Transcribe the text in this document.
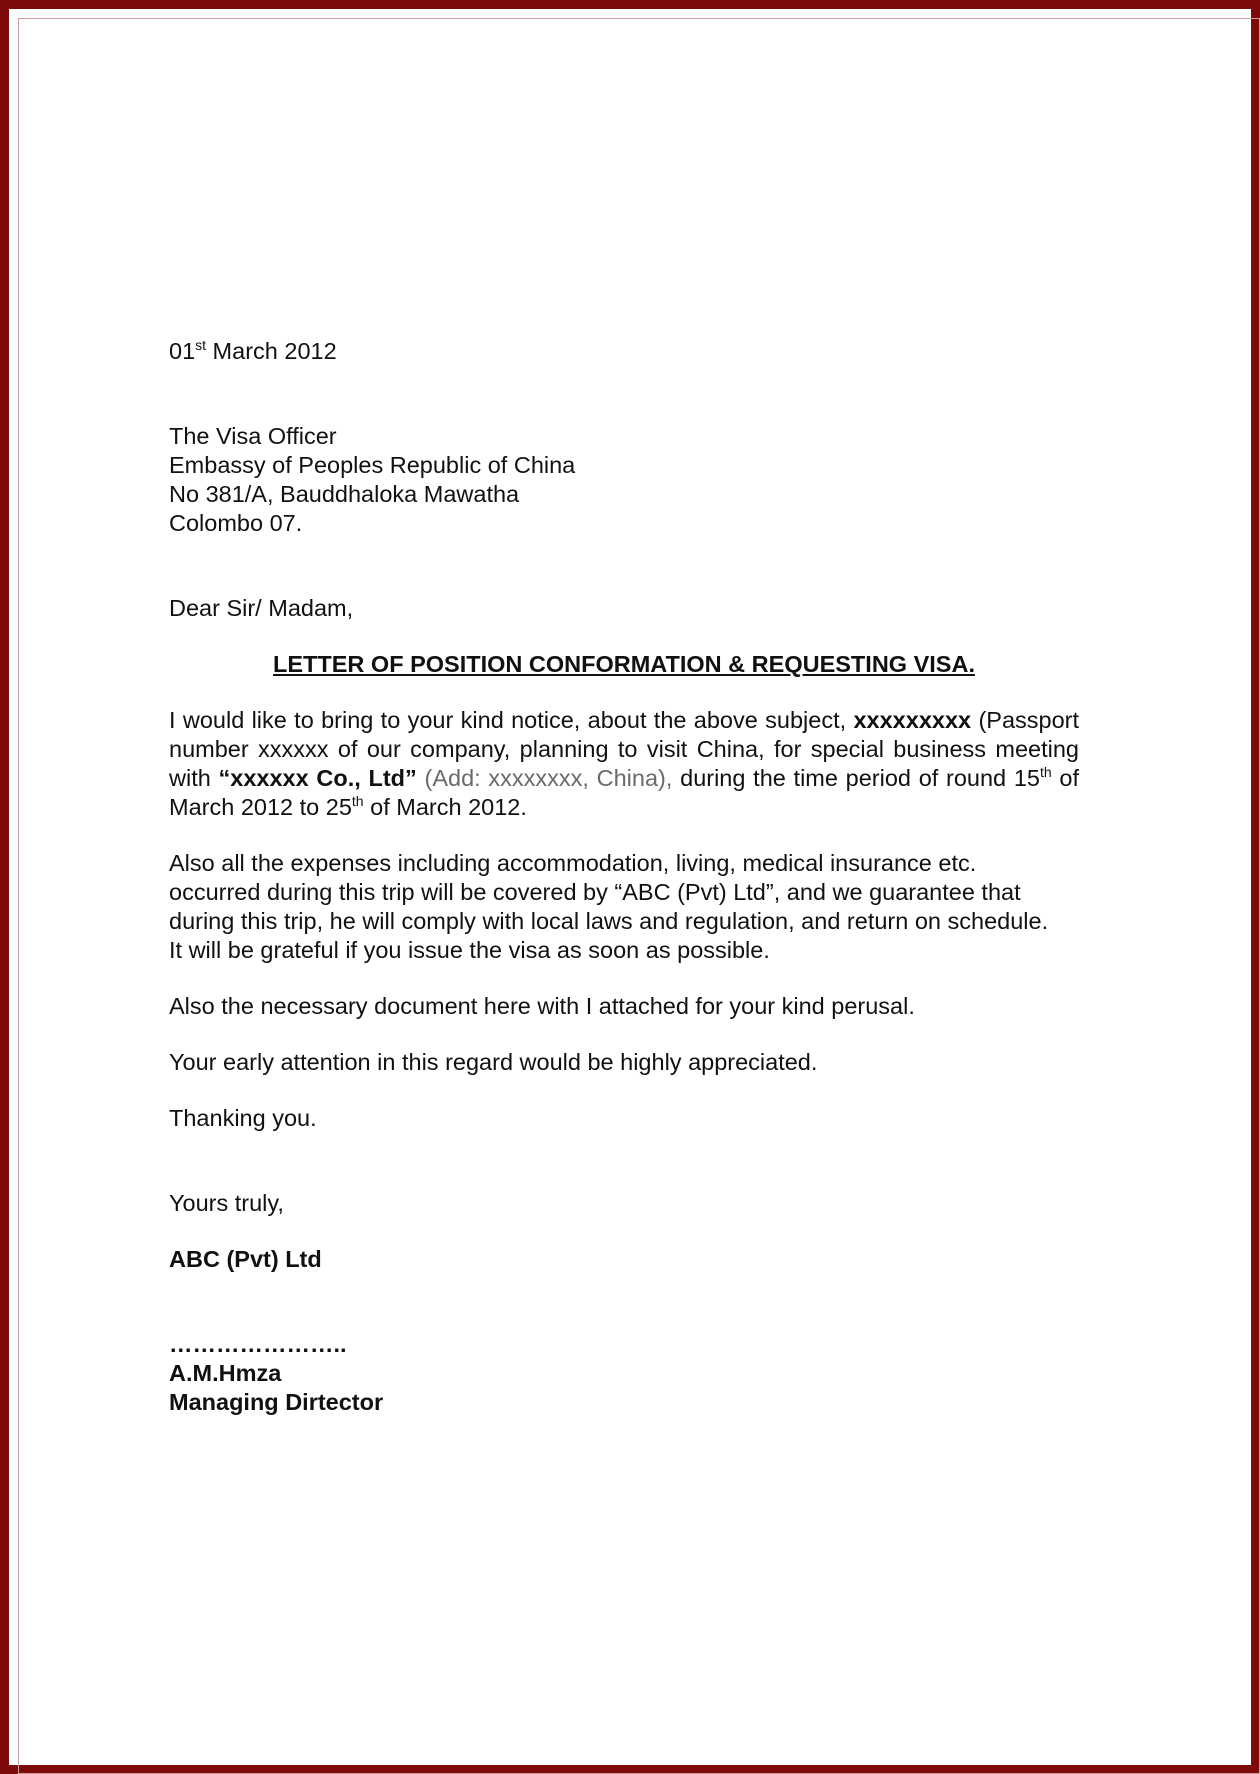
01st March 2012
The Visa Officer
Embassy of Peoples Republic of China
No 381/A, Bauddhaloka Mawatha
Colombo 07.
Dear Sir/ Madam,
LETTER OF POSITION CONFORMATION & REQUESTING VISA.
I would like to bring to your kind notice, about the above subject, xxxxxxxxx (Passport number xxxxxx of our company, planning to visit China, for special business meeting with “xxxxxx Co., Ltd” (Add: xxxxxxxx, China), during the time period of round 15th of March 2012 to 25th of March 2012.
Also all the expenses including accommodation, living, medical insurance etc.
occurred during this trip will be covered by “ABC (Pvt) Ltd”, and we guarantee that
during this trip, he will comply with local laws and regulation, and return on schedule.
It will be grateful if you issue the visa as soon as possible.
Also the necessary document here with I attached for your kind perusal.
Your early attention in this regard would be highly appreciated.
Thanking you.
Yours truly,
ABC (Pvt) Ltd
…………………..
A.M.Hmza
Managing Dirtector
